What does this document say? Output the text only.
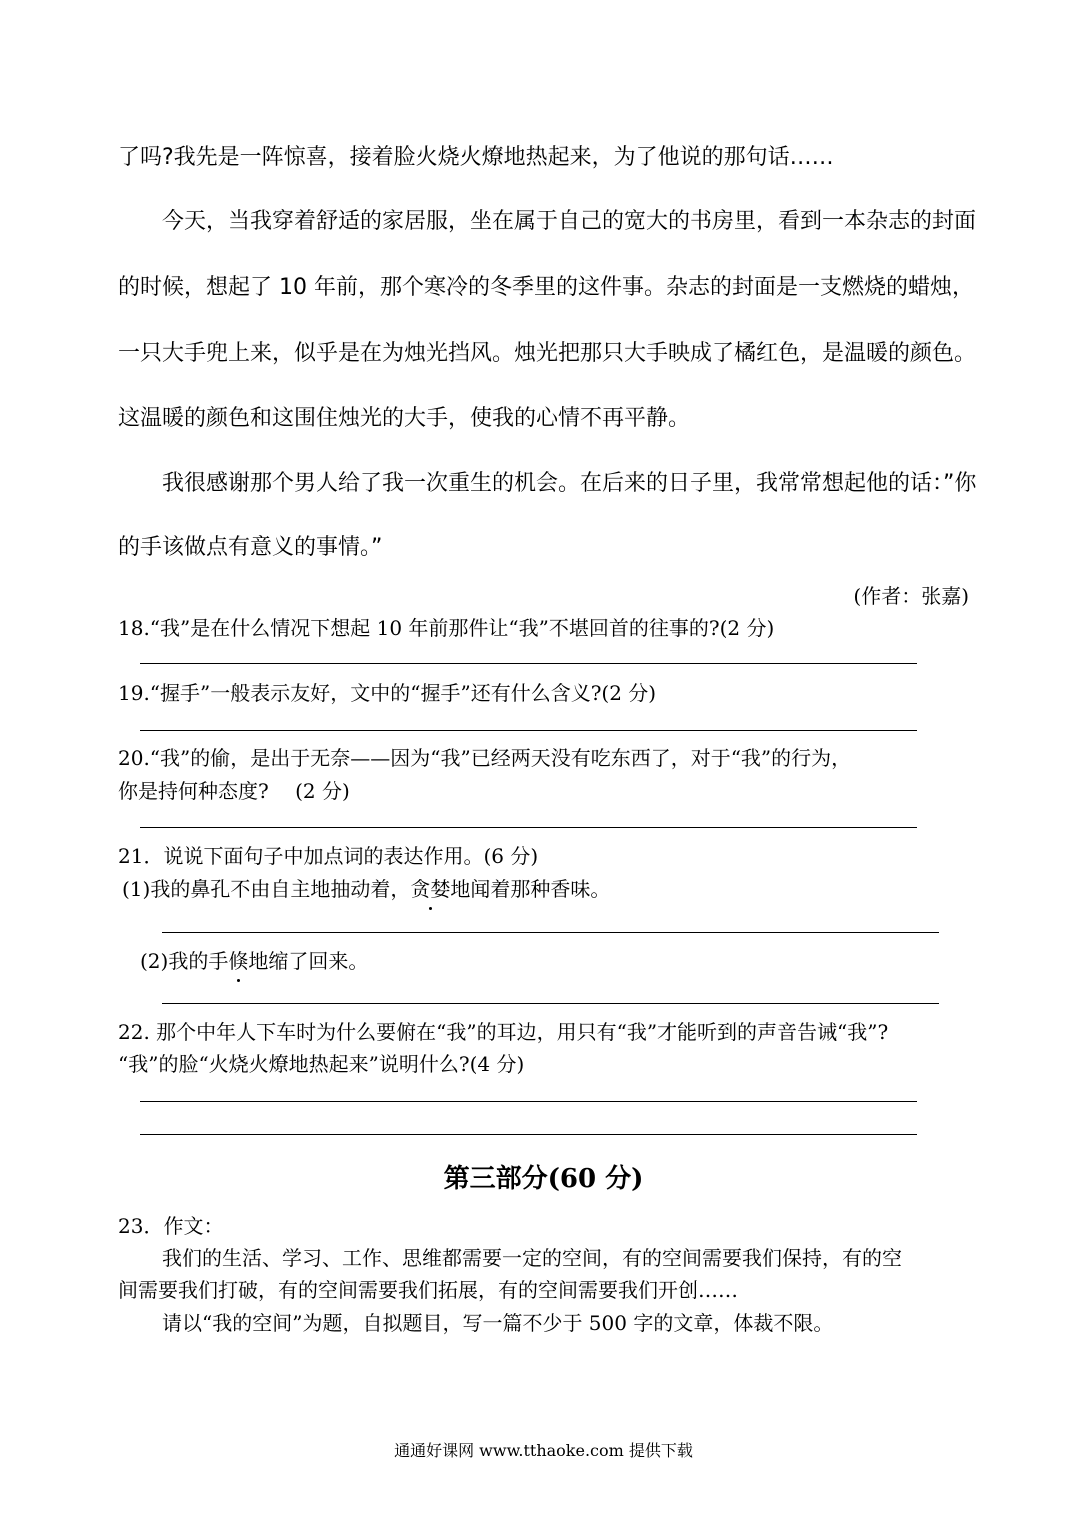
了吗?我先是一阵惊喜，接着脸火烧火燎地热起来，为了他说的那句话……
今天，当我穿着舒适的家居服，坐在属于自己的宽大的书房里，看到一本杂志的封面
的时候，想起了 10 年前，那个寒冷的冬季里的这件事。杂志的封面是一支燃烧的蜡烛，
一只大手兜上来，似乎是在为烛光挡风。烛光把那只大手映成了橘红色，是温暖的颜色。
这温暖的颜色和这围住烛光的大手，使我的心情不再平静。
我很感谢那个男人给了我一次重生的机会。在后来的日子里，我常常想起他的话：”你
的手该做点有意义的事情。”
(作者：张嘉)
18.“我”是在什么情况下想起 10 年前那件让“我”不堪回首的往事的?(2 分)
19.“握手”一般表示友好，文中的“握手”还有什么含义?(2 分)
20.“我”的偷，是出于无奈——因为“我”已经两天没有吃东西了，对于“我”的行为，
你是持何种态度?　 (2 分)
21．说说下面句子中加点词的表达作用。(6 分)
(1)我的鼻孔不由自主地抽动着，贪婪地闻着那种香味。
(2)我的手倏地缩了回来。
22. 那个中年人下车时为什么要俯在“我”的耳边，用只有“我”才能听到的声音告诫“我”?
“我”的脸“火烧火燎地热起来”说明什么?(4 分)
第三部分(60 分)
23．作文：
我们的生活、学习、工作、思维都需要一定的空间，有的空间需要我们保持，有的空
间需要我们打破，有的空间需要我们拓展，有的空间需要我们开创……
请以“我的空间”为题，自拟题目，写一篇不少于 500 字的文章，体裁不限。
通通好课网 www.tthaoke.com 提供下载
